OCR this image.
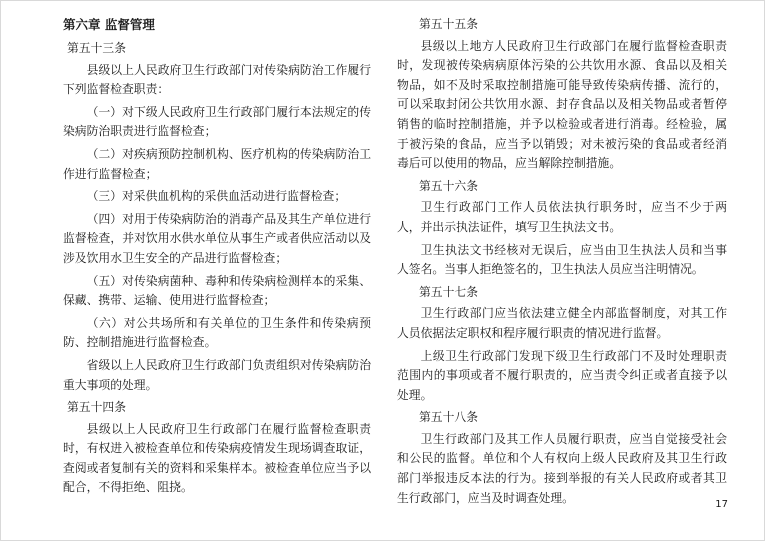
第六章 监督管理
第五十三条
县级以上人民政府卫生行政部门对传染病防治工作履行下列监督检查职责：
（一）对下级人民政府卫生行政部门履行本法规定的传染病防治职责进行监督检查；
（二）对疾病预防控制机构、医疗机构的传染病防治工作进行监督检查；
（三）对采供血机构的采供血活动进行监督检查；
（四）对用于传染病防治的消毒产品及其生产单位进行监督检查，并对饮用水供水单位从事生产或者供应活动以及涉及饮用水卫生安全的产品进行监督检查；
（五）对传染病菌种、毒种和传染病检测样本的采集、保藏、携带、运输、使用进行监督检查；
（六）对公共场所和有关单位的卫生条件和传染病预防、控制措施进行监督检查。
省级以上人民政府卫生行政部门负责组织对传染病防治重大事项的处理。
第五十四条
县级以上人民政府卫生行政部门在履行监督检查职责时，有权进入被检查单位和传染病疫情发生现场调查取证，查阅或者复制有关的资料和采集样本。被检查单位应当予以配合，不得拒绝、阻挠。
第五十五条
县级以上地方人民政府卫生行政部门在履行监督检查职责时，发现被传染病病原体污染的公共饮用水源、食品以及相关物品，如不及时采取控制措施可能导致传染病传播、流行的，可以采取封闭公共饮用水源、封存食品以及相关物品或者暂停销售的临时控制措施，并予以检验或者进行消毒。经检验，属于被污染的食品，应当予以销毁；对未被污染的食品或者经消毒后可以使用的物品，应当解除控制措施。
第五十六条
卫生行政部门工作人员依法执行职务时，应当不少于两人，并出示执法证件，填写卫生执法文书。
卫生执法文书经核对无误后，应当由卫生执法人员和当事人签名。当事人拒绝签名的，卫生执法人员应当注明情况。
第五十七条
卫生行政部门应当依法建立健全内部监督制度，对其工作人员依据法定职权和程序履行职责的情况进行监督。
上级卫生行政部门发现下级卫生行政部门不及时处理职责范围内的事项或者不履行职责的，应当责令纠正或者直接予以处理。
第五十八条
卫生行政部门及其工作人员履行职责，应当自觉接受社会和公民的监督。单位和个人有权向上级人民政府及其卫生行政部门举报违反本法的行为。接到举报的有关人民政府或者其卫生行政部门，应当及时调查处理。	17
